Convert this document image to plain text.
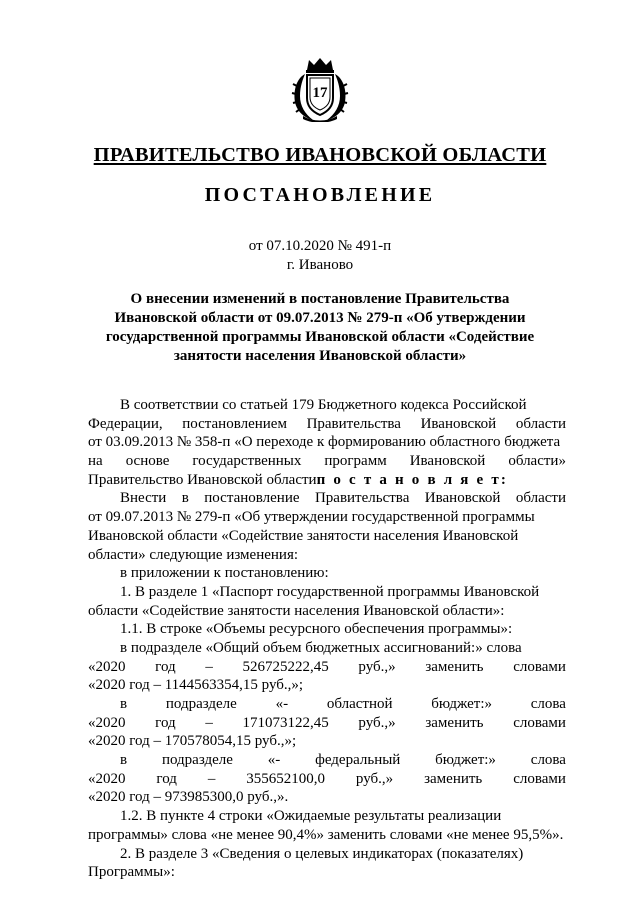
17
ПРАВИТЕЛЬСТВО ИВАНОВСКОЙ ОБЛАСТИ
ПОСТАНОВЛЕНИЕ
от 07.10.2020 № 491-п
г. Иваново
О внесении изменений в постановление Правительства
Ивановской области от 09.07.2013 № 279-п «Об утверждении
государственной программы Ивановской области «Содействие
занятости населения Ивановской области»
В соответствии со статьей 179 Бюджетного кодекса Российской
Федерации, постановлением Правительства Ивановской области
от 03.09.2013 № 358-п «О переходе к формированию областного бюджета
на основе государственных программ Ивановской области»
Правительство Ивановской области п о с т а н о в л я е т :
Внести в постановление Правительства Ивановской области
от 09.07.2013 № 279-п «Об утверждении государственной программы
Ивановской области «Содействие занятости населения Ивановской
области» следующие изменения:
в приложении к постановлению:
1. В разделе 1 «Паспорт государственной программы Ивановской
области «Содействие занятости населения Ивановской области»:
1.1. В строке «Объемы ресурсного обеспечения программы»:
в подразделе «Общий объем бюджетных ассигнований:» слова
«2020 год – 526725222,45 руб.,» заменить словами
«2020 год – 1144563354,15 руб.,»;
в	подразделе	«-	областной	бюджет:»	слова
«2020 год – 171073122,45 руб.,» заменить словами
«2020 год – 170578054,15 руб.,»;
в подразделе «- федеральный бюджет:» слова
«2020 год – 355652100,0 руб.,» заменить словами
«2020 год – 973985300,0 руб.,».
1.2. В пункте 4 строки «Ожидаемые результаты реализации
программы» слова «не менее 90,4%» заменить словами «не менее 95,5%».
2. В разделе 3 «Сведения о целевых индикаторах (показателях)
Программы»:
